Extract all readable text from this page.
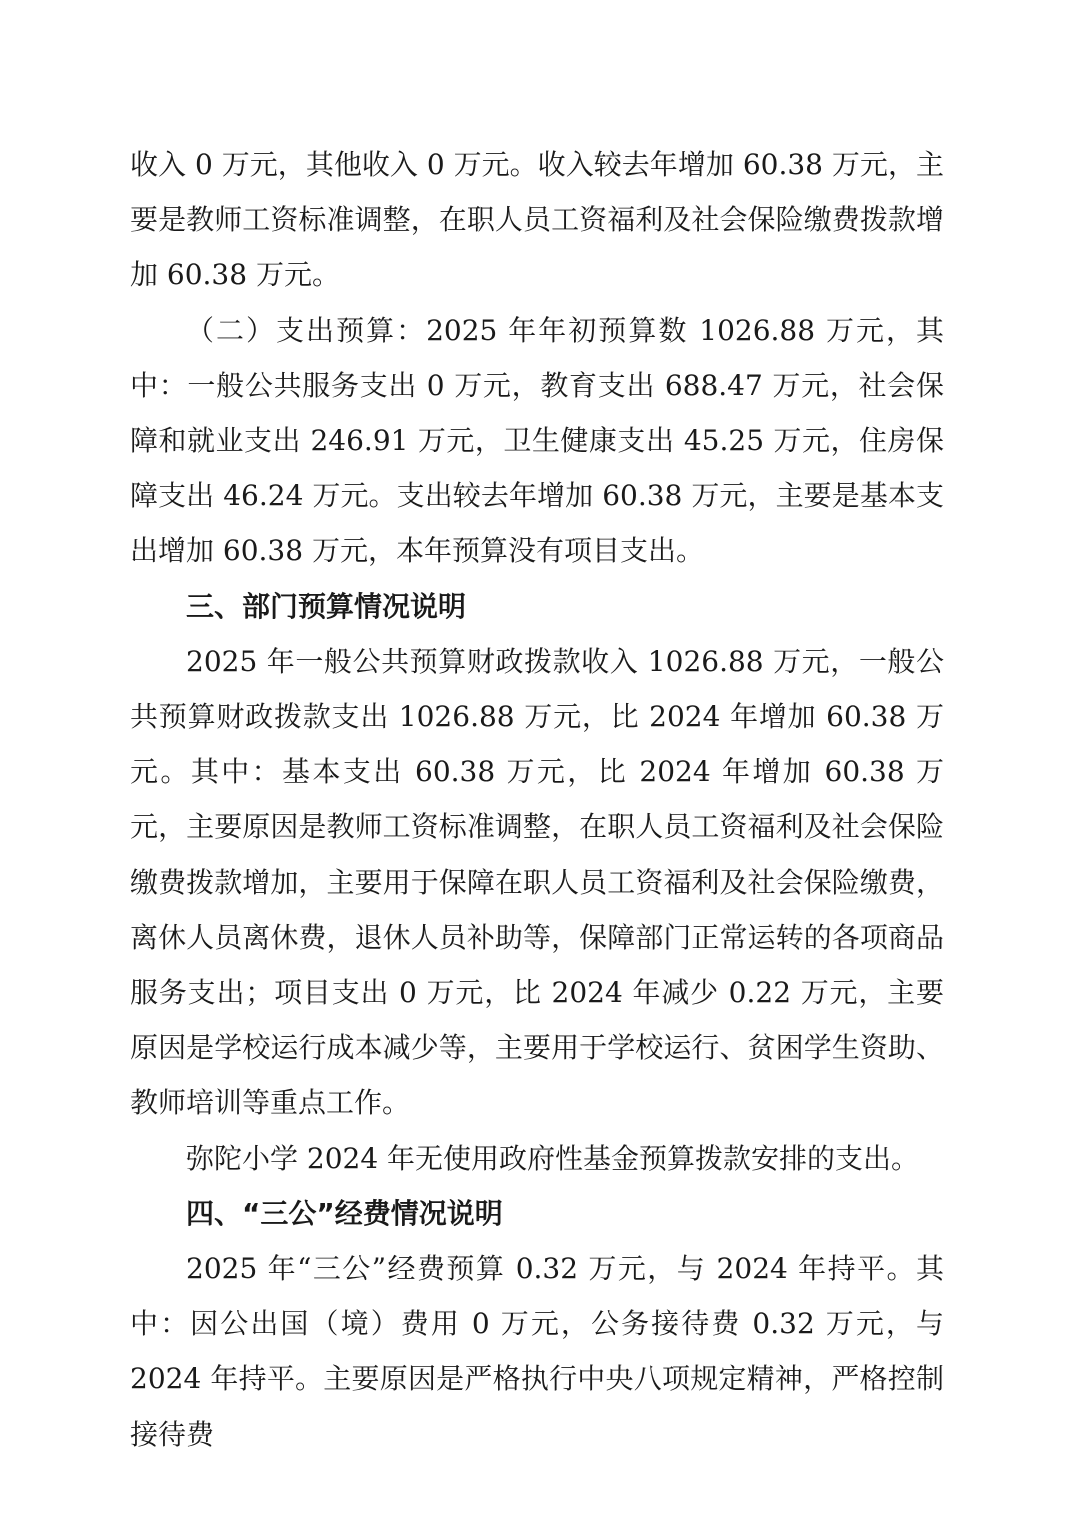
收入 0 万元，其他收入 0 万元。收入较去年增加 60.38 万元，主要是教师工资标准调整，在职人员工资福利及社会保险缴费拨款增加 60.38 万元。

（二）支出预算：2025 年年初预算数 1026.88 万元，其中：一般公共服务支出 0 万元，教育支出 688.47 万元，社会保障和就业支出 246.91 万元，卫生健康支出 45.25 万元，住房保障支出 46.24 万元。支出较去年增加 60.38 万元，主要是基本支出增加 60.38 万元，本年预算没有项目支出。

三、部门预算情况说明

2025 年一般公共预算财政拨款收入 1026.88 万元，一般公共预算财政拨款支出 1026.88 万元，比 2024 年增加 60.38 万元。其中：基本支出 60.38 万元，比 2024 年增加 60.38 万元，主要原因是教师工资标准调整，在职人员工资福利及社会保险缴费拨款增加，主要用于保障在职人员工资福利及社会保险缴费，离休人员离休费，退休人员补助等，保障部门正常运转的各项商品服务支出；项目支出 0 万元，比 2024 年减少 0.22 万元，主要原因是学校运行成本减少等，主要用于学校运行、贫困学生资助、教师培训等重点工作。

弥陀小学 2024 年无使用政府性基金预算拨款安排的支出。

四、“三公”经费情况说明

2025 年“三公”经费预算 0.32 万元，与 2024 年持平。其中：因公出国（境）费用 0 万元，公务接待费 0.32 万元，与 2024 年持平。主要原因是严格执行中央八项规定精神，严格控制接待费
